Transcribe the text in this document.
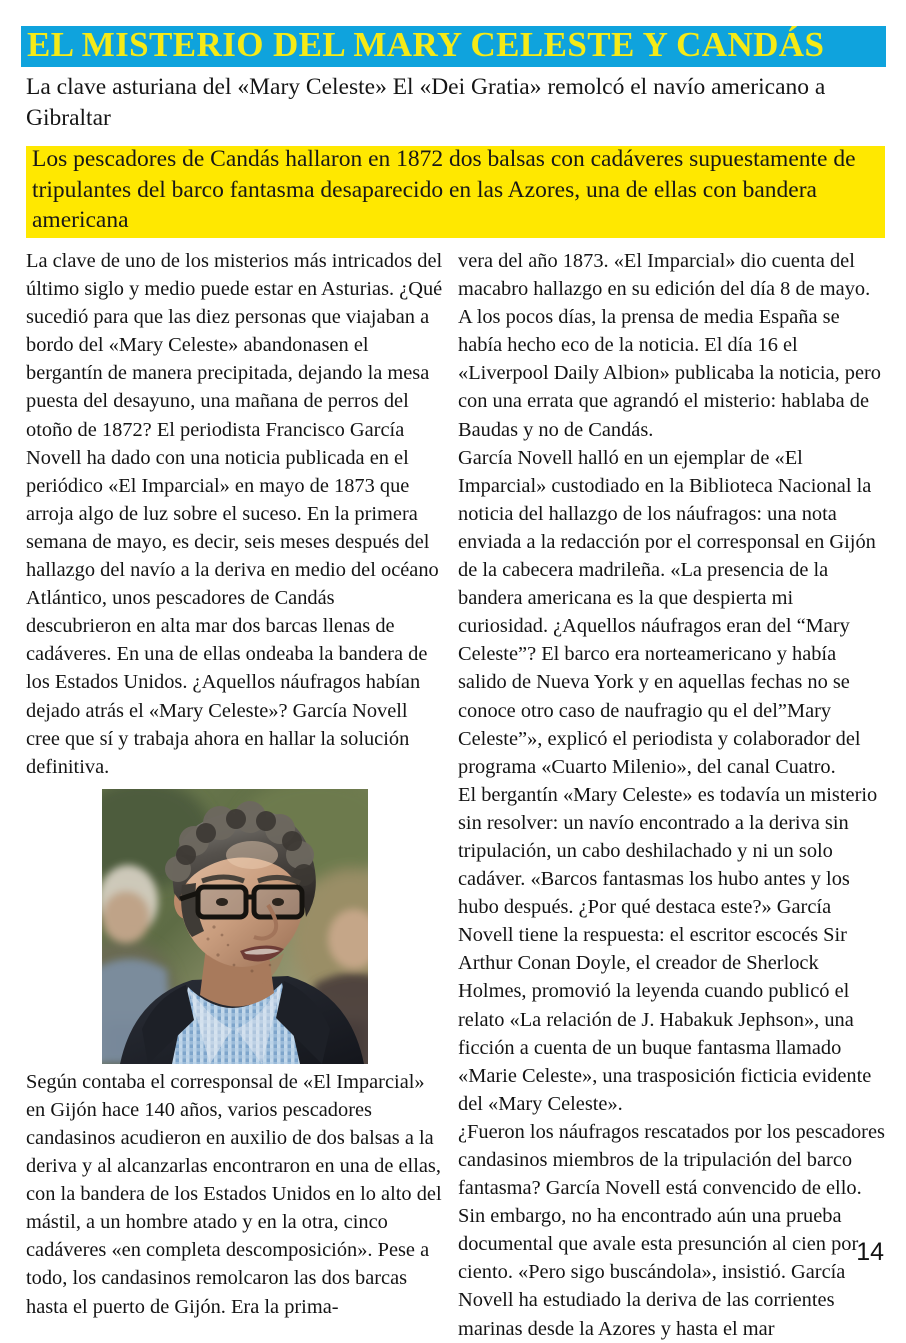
EL MISTERIO DEL MARY CELESTE Y CANDÁS
La clave asturiana del «Mary Celeste» El «Dei Gratia» remolcó el navío americano a Gibraltar
Los pescadores de Candás hallaron en 1872 dos balsas con cadáveres supuestamente de tripulantes del barco fantasma desaparecido en las Azores, una de ellas con bandera americana

La clave de uno de los misterios más intricados del último siglo y medio puede estar en Asturias. ¿Qué sucedió para que las diez personas que viajaban a bordo del «Mary Celeste» abandonasen el bergantín de manera precipitada, dejando la mesa puesta del desayuno, una mañana de perros del otoño de 1872? El periodista Francisco García Novell ha dado con una noticia publicada en el periódico «El Imparcial» en mayo de 1873 que arroja algo de luz sobre el suceso. En la primera semana de mayo, es decir, seis meses después del hallazgo del navío a la deriva en medio del océano Atlántico, unos pescadores de Candás descubrieron en alta mar dos barcas llenas de cadáveres. En una de ellas ondeaba la bandera de los Estados Unidos. ¿Aquellos náufragos habían dejado atrás el «Mary Celeste»? García Novell cree que sí y trabaja ahora en hallar la solución definitiva.

Según contaba el corresponsal de «El Imparcial» en Gijón hace 140 años, varios pescadores candasinos acudieron en auxilio de dos balsas a la deriva y al alcanzarlas encontraron en una de ellas, con la bandera de los Estados Unidos en lo alto del mástil, a un hombre atado y en la otra, cinco cadáveres «en completa descomposición». Pese a todo, los candasinos remolcaron las dos barcas hasta el puerto de Gijón. Era la prima-

vera del año 1873. «El Imparcial» dio cuenta del macabro hallazgo en su edición del día 8 de mayo. A los pocos días, la prensa de media España se había hecho eco de la noticia. El día 16 el «Liverpool Daily Albion» publicaba la noticia, pero con una errata que agrandó el misterio: hablaba de Baudas y no de Candás.

García Novell halló en un ejemplar de «El Imparcial» custodiado en la Biblioteca Nacional la noticia del hallazgo de los náufragos: una nota enviada a la redacción por el corresponsal en Gijón de la cabecera madrileña. «La presencia de la bandera americana es la que despierta mi curiosidad. ¿Aquellos náufragos eran del “Mary Celeste”? El barco era norteamericano y había salido de Nueva York y en aquellas fechas no se conoce otro caso de naufragio qu el del”Mary Celeste”», explicó el periodista y colaborador del programa «Cuarto Milenio», del canal Cuatro.

El bergantín «Mary Celeste» es todavía un misterio sin resolver: un navío encontrado a la deriva sin tripulación, un cabo deshilachado y ni un solo cadáver. «Barcos fantasmas los hubo antes y los hubo después. ¿Por qué destaca este?» García Novell tiene la respuesta: el escritor escocés Sir Arthur Conan Doyle, el creador de Sherlock Holmes, promovió la leyenda cuando publicó el relato «La relación de J. Habakuk Jephson», una ficción a cuenta de un buque fantasma llamado «Marie Celeste», una trasposición ficticia evidente del «Mary Celeste».

¿Fueron los náufragos rescatados por los pescadores candasinos miembros de la tripulación del barco fantasma? García Novell está convencido de ello. Sin embargo, no ha encontrado aún una prueba documental que avale esta presunción al cien por ciento. «Pero sigo buscándola», insistió. García Novell ha estudiado la deriva de las corrientes marinas desde la Azores y hasta el mar

14
